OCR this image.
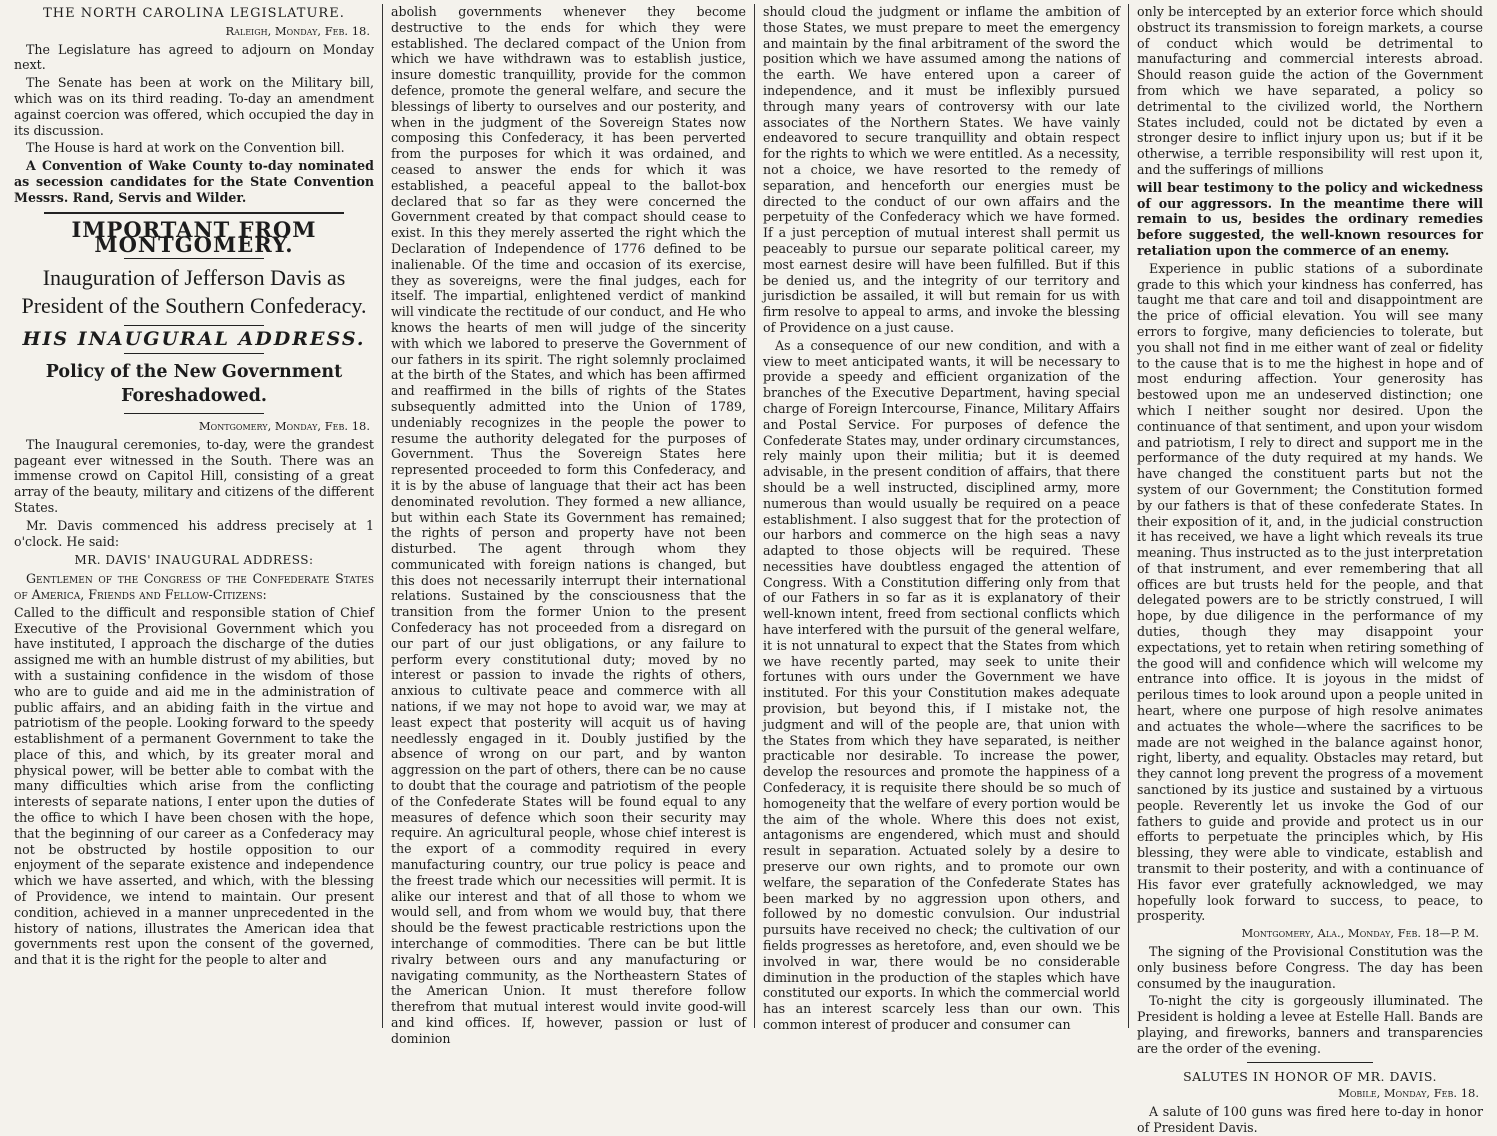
THE NORTH CAROLINA LEGISLATURE.
Raleigh, Monday, Feb. 18.

The Legislature has agreed to adjourn on Monday next.

The Senate has been at work on the Military bill, which was on its third reading. To-day an amendment against coercion was offered, which occupied the day in its discussion.

The House is hard at work on the Convention bill.

A Convention of Wake County to-day nominated as secession candidates for the State Convention Messrs. Rand, Servis and Wilder.

IMPORTANT FROM MONTGOMERY.
Inauguration of Jefferson Davis as President of the Southern Confederacy.
HIS INAUGURAL ADDRESS.
Policy of the New Government Foreshadowed.
Montgomery, Monday, Feb. 18.

The Inaugural ceremonies, to-day, were the grandest pageant ever witnessed in the South. There was an immense crowd on Capitol Hill, consisting of a great array of the beauty, military and citizens of the different States.

Mr. Davis commenced his address precisely at 1 o'clock. He said:

MR. DAVIS' INAUGURAL ADDRESS:

Gentlemen of the Congress of the Confederate States of America, Friends and Fellow-Citizens:

Called to the difficult and responsible station of Chief Executive of the Provisional Government which you have instituted, I approach the discharge of the duties assigned me with an humble distrust of my abilities, but with a sustaining confidence in the wisdom of those who are to guide and aid me in the administration of public affairs, and an abiding faith in the virtue and patriotism of the people. Looking forward to the speedy establishment of a permanent Government to take the place of this, and which, by its greater moral and physical power, will be better able to combat with the many difficulties which arise from the conflicting interests of separate nations, I enter upon the duties of the office to which I have been chosen with the hope, that the beginning of our career as a Confederacy may not be obstructed by hostile opposition to our enjoyment of the separate existence and independence which we have asserted, and which, with the blessing of Providence, we intend to maintain. Our present condition, achieved in a manner unprecedented in the history of nations, illustrates the American idea that governments rest upon the consent of the governed, and that it is the right for the people to alter and

abolish governments whenever they become destructive to the ends for which they were established. The declared compact of the Union from which we have withdrawn was to establish justice, insure domestic tranquillity, provide for the common defence, promote the general welfare, and secure the blessings of liberty to ourselves and our posterity, and when in the judgment of the Sovereign States now composing this Confederacy, it has been perverted from the purposes for which it was ordained, and ceased to answer the ends for which it was established, a peaceful appeal to the ballot-box declared that so far as they were concerned the Government created by that compact should cease to exist. In this they merely asserted the right which the Declaration of Independence of 1776 defined to be inalienable. Of the time and occasion of its exercise, they as sovereigns, were the final judges, each for itself. The impartial, enlightened verdict of mankind will vindicate the rectitude of our conduct, and He who knows the hearts of men will judge of the sincerity with which we labored to preserve the Government of our fathers in its spirit. The right solemnly proclaimed at the birth of the States, and which has been affirmed and reaffirmed in the bills of rights of the States subsequently admitted into the Union of 1789, undeniably recognizes in the people the power to resume the authority delegated for the purposes of Government. Thus the Sovereign States here represented proceeded to form this Confederacy, and it is by the abuse of language that their act has been denominated revolution. They formed a new alliance, but within each State its Government has remained; the rights of person and property have not been disturbed. The agent through whom they communicated with foreign nations is changed, but this does not necessarily interrupt their international relations. Sustained by the consciousness that the transition from the former Union to the present Confederacy has not proceeded from a disregard on our part of our just obligations, or any failure to perform every constitutional duty; moved by no interest or passion to invade the rights of others, anxious to cultivate peace and commerce with all nations, if we may not hope to avoid war, we may at least expect that posterity will acquit us of having needlessly engaged in it. Doubly justified by the absence of wrong on our part, and by wanton aggression on the part of others, there can be no cause to doubt that the courage and patriotism of the people of the Confederate States will be found equal to any measures of defence which soon their security may require. An agricultural people, whose chief interest is the export of a commodity required in every manufacturing country, our true policy is peace and the freest trade which our necessities will permit. It is alike our interest and that of all those to whom we would sell, and from whom we would buy, that there should be the fewest practicable restrictions upon the interchange of commodities. There can be but little rivalry between ours and any manufacturing or navigating community, as the Northeastern States of the American Union. It must therefore follow therefrom that mutual interest would invite good-will and kind offices. If, however, passion or lust of dominion

should cloud the judgment or inflame the ambition of those States, we must prepare to meet the emergency and maintain by the final arbitrament of the sword the position which we have assumed among the nations of the earth. We have entered upon a career of independence, and it must be inflexibly pursued through many years of controversy with our late associates of the Northern States. We have vainly endeavored to secure tranquillity and obtain respect for the rights to which we were entitled. As a necessity, not a choice, we have resorted to the remedy of separation, and henceforth our energies must be directed to the conduct of our own affairs and the perpetuity of the Confederacy which we have formed. If a just perception of mutual interest shall permit us peaceably to pursue our separate political career, my most earnest desire will have been fulfilled. But if this be denied us, and the integrity of our territory and jurisdiction be assailed, it will but remain for us with firm resolve to appeal to arms, and invoke the blessing of Providence on a just cause.

As a consequence of our new condition, and with a view to meet anticipated wants, it will be necessary to provide a speedy and efficient organization of the branches of the Executive Department, having special charge of Foreign Intercourse, Finance, Military Affairs and Postal Service. For purposes of defence the Confederate States may, under ordinary circumstances, rely mainly upon their militia; but it is deemed advisable, in the present condition of affairs, that there should be a well instructed, disciplined army, more numerous than would usually be required on a peace establishment. I also suggest that for the protection of our harbors and commerce on the high seas a navy adapted to those objects will be required. These necessities have doubtless engaged the attention of Congress. With a Constitution differing only from that of our Fathers in so far as it is explanatory of their well-known intent, freed from sectional conflicts which have interfered with the pursuit of the general welfare, it is not unnatural to expect that the States from which we have recently parted, may seek to unite their fortunes with ours under the Government we have instituted. For this your Constitution makes adequate provision, but beyond this, if I mistake not, the judgment and will of the people are, that union with the States from which they have separated, is neither practicable nor desirable. To increase the power, develop the resources and promote the happiness of a Confederacy, it is requisite there should be so much of homogeneity that the welfare of every portion would be the aim of the whole. Where this does not exist, antagonisms are engendered, which must and should result in separation. Actuated solely by a desire to preserve our own rights, and to promote our own welfare, the separation of the Confederate States has been marked by no aggression upon others, and followed by no domestic convulsion. Our industrial pursuits have received no check; the cultivation of our fields progresses as heretofore, and, even should we be involved in war, there would be no considerable diminution in the production of the staples which have constituted our exports. In which the commercial world has an interest scarcely less than our own. This common interest of producer and consumer can

only be intercepted by an exterior force which should obstruct its transmission to foreign markets, a course of conduct which would be detrimental to manufacturing and commercial interests abroad. Should reason guide the action of the Government from which we have separated, a policy so detrimental to the civilized world, the Northern States included, could not be dictated by even a stronger desire to inflict injury upon us; but if it be otherwise, a terrible responsibility will rest upon it, and the sufferings of millions

will bear testimony to the policy and wickedness of our aggressors. In the meantime there will remain to us, besides the ordinary remedies before suggested, the well-known resources for retaliation upon the commerce of an enemy.

Experience in public stations of a subordinate grade to this which your kindness has conferred, has taught me that care and toil and disappointment are the price of official elevation. You will see many errors to forgive, many deficiencies to tolerate, but you shall not find in me either want of zeal or fidelity to the cause that is to me the highest in hope and of most enduring affection. Your generosity has bestowed upon me an undeserved distinction; one which I neither sought nor desired. Upon the continuance of that sentiment, and upon your wisdom and patriotism, I rely to direct and support me in the performance of the duty required at my hands. We have changed the constituent parts but not the system of our Government; the Constitution formed by our fathers is that of these confederate States. In their exposition of it, and, in the judicial construction it has received, we have a light which reveals its true meaning. Thus instructed as to the just interpretation of that instrument, and ever remembering that all offices are but trusts held for the people, and that delegated powers are to be strictly construed, I will hope, by due diligence in the performance of my duties, though they may disappoint your expectations, yet to retain when retiring something of the good will and confidence which will welcome my entrance into office. It is joyous in the midst of perilous times to look around upon a people united in heart, where one purpose of high resolve animates and actuates the whole—where the sacrifices to be made are not weighed in the balance against honor, right, liberty, and equality. Obstacles may retard, but they cannot long prevent the progress of a movement sanctioned by its justice and sustained by a virtuous people. Reverently let us invoke the God of our fathers to guide and provide and protect us in our efforts to perpetuate the principles which, by His blessing, they were able to vindicate, establish and transmit to their posterity, and with a continuance of His favor ever gratefully acknowledged, we may hopefully look forward to success, to peace, to prosperity.

Montgomery, Ala., Monday, Feb. 18—P. M.

The signing of the Provisional Constitution was the only business before Congress. The day has been consumed by the inauguration.

To-night the city is gorgeously illuminated. The President is holding a levee at Estelle Hall. Bands are playing, and fireworks, banners and transparencies are the order of the evening.

SALUTES IN HONOR OF MR. DAVIS.
Mobile, Monday, Feb. 18.

A salute of 100 guns was fired here to-day in honor of President Davis.
